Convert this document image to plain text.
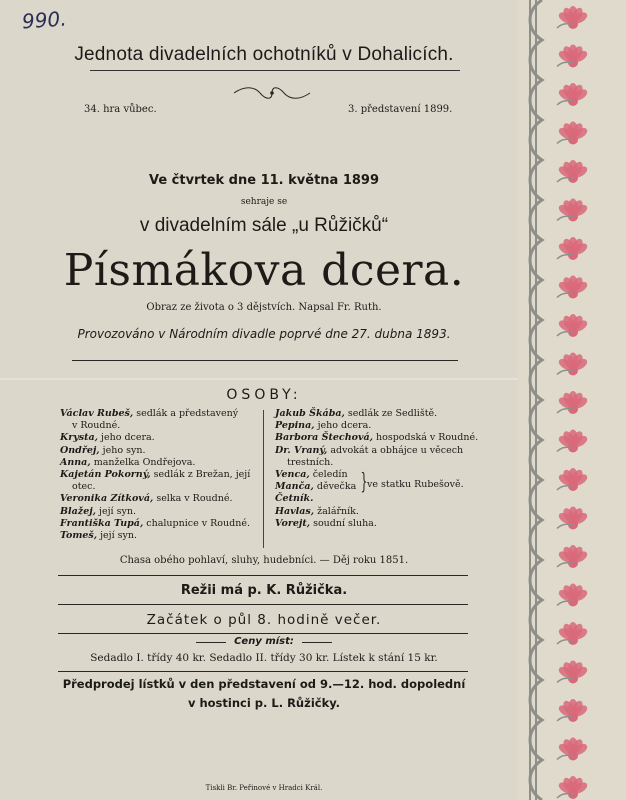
990.
Jednota divadelních ochotníků v Dohalicích.
34. hra vůbec.	3. představení 1899.
Ve čtvrtek dne 11. května 1899
sehraje se
v divadelním sále „u Růžičků“
Písmákova dcera.
Obraz ze života o 3 dějstvích. Napsal Fr. Ruth.
Provozováno v Národním divadle poprvé dne 27. dubna 1893.
OSOBY:
Václav Rubeš, sedlák a představený
v Roudné.
Krysta, jeho dcera.
Ondřej, jeho syn.
Anna, manželka Ondřejova.
Kajetán Pokorný, sedlák z Brežan, její
otec.
Veronika Zítková, selka v Roudné.
Blažej, její syn.
Františka Tupá, chalupnice v Roudné.
Tomeš, její syn.
Jakub Škába, sedlák ze Sedliště.
Pepina, jeho dcera.
Barbora Štechová, hospodská v Roudné.
Dr. Vraný, advokát a obhájce u věcech
trestních.
Venca, čeledín
Manča, děvečka
Četník.
Havlas, žalářník.
Vorejt, soudní sluha.
} ve statku Rubešově.
Chasa obého pohlaví, sluhy, hudebníci. — Děj roku 1851.
Režii má p. K. Růžička.
Začátek o půl 8. hodině večer.
Ceny míst:
Sedadlo I. třídy 40 kr. Sedadlo II. třídy 30 kr. Lístek k stání 15 kr.
Předprodej lístků v den představení od 9.—12. hod. dopolední
v hostinci p. L. Růžičky.
Tiskli Br. Peřinové v Hradci Král.
